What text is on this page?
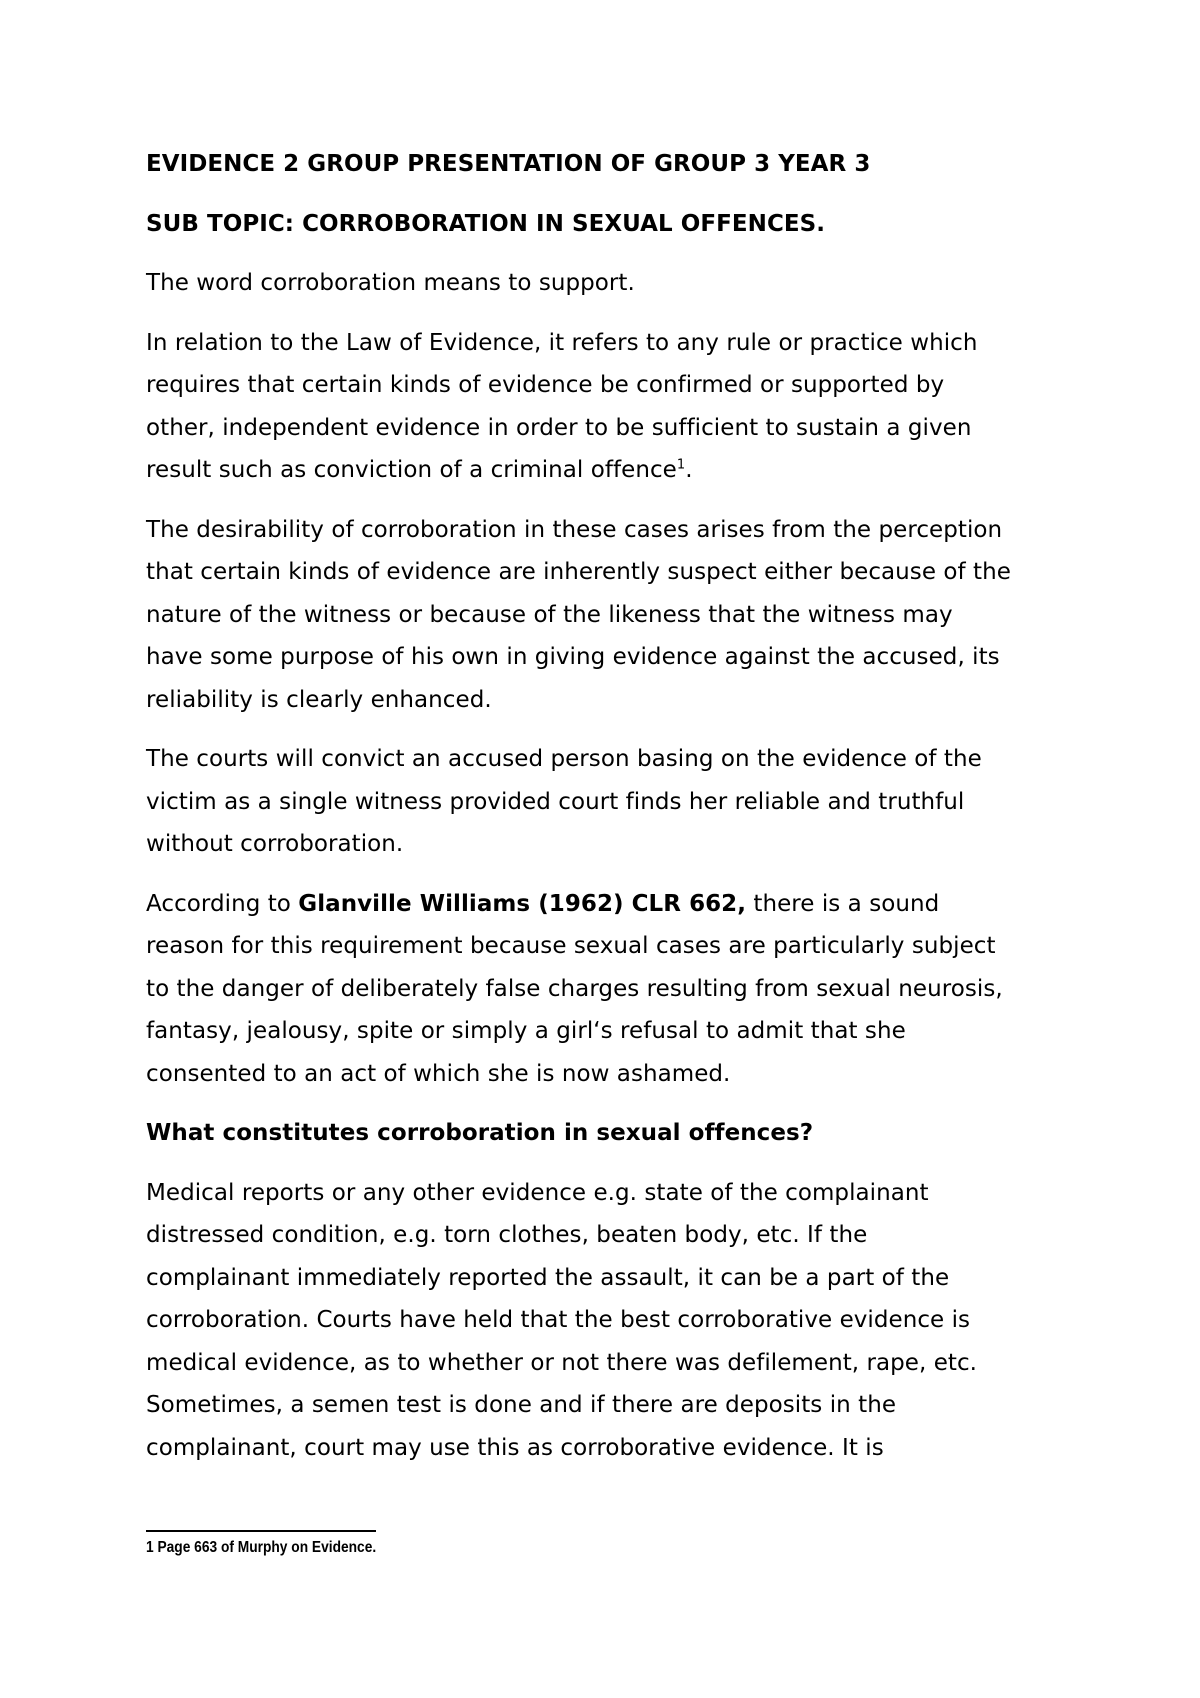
EVIDENCE 2 GROUP PRESENTATION OF GROUP 3 YEAR 3
SUB TOPIC: CORROBORATION IN SEXUAL OFFENCES.
The word corroboration means to support.
In relation to the Law of Evidence, it refers to any rule or practice which
requires that certain kinds of evidence be confirmed or supported by
other, independent evidence in order to be sufficient to sustain a given
result such as conviction of a criminal offence$^1$.
The desirability of corroboration in these cases arises from the perception
that certain kinds of evidence are inherently suspect either because of the
nature of the witness or because of the likeness that the witness may
have some purpose of his own in giving evidence against the accused, its
reliability is clearly enhanced.
The courts will convict an accused person basing on the evidence of the
victim as a single witness provided court finds her reliable and truthful
without corroboration.
According to Glanville Williams (1962) CLR 662, there is a sound
reason for this requirement because sexual cases are particularly subject
to the danger of deliberately false charges resulting from sexual neurosis,
fantasy, jealousy, spite or simply a girl‘s refusal to admit that she
consented to an act of which she is now ashamed.
What constitutes corroboration in sexual offences?
Medical reports or any other evidence e.g. state of the complainant
distressed condition, e.g. torn clothes, beaten body, etc. If the
complainant immediately reported the assault, it can be a part of the
corroboration. Courts have held that the best corroborative evidence is
medical evidence, as to whether or not there was defilement, rape, etc.
Sometimes, a semen test is done and if there are deposits in the
complainant, court may use this as corroborative evidence. It is
1 Page 663 of Murphy on Evidence.
